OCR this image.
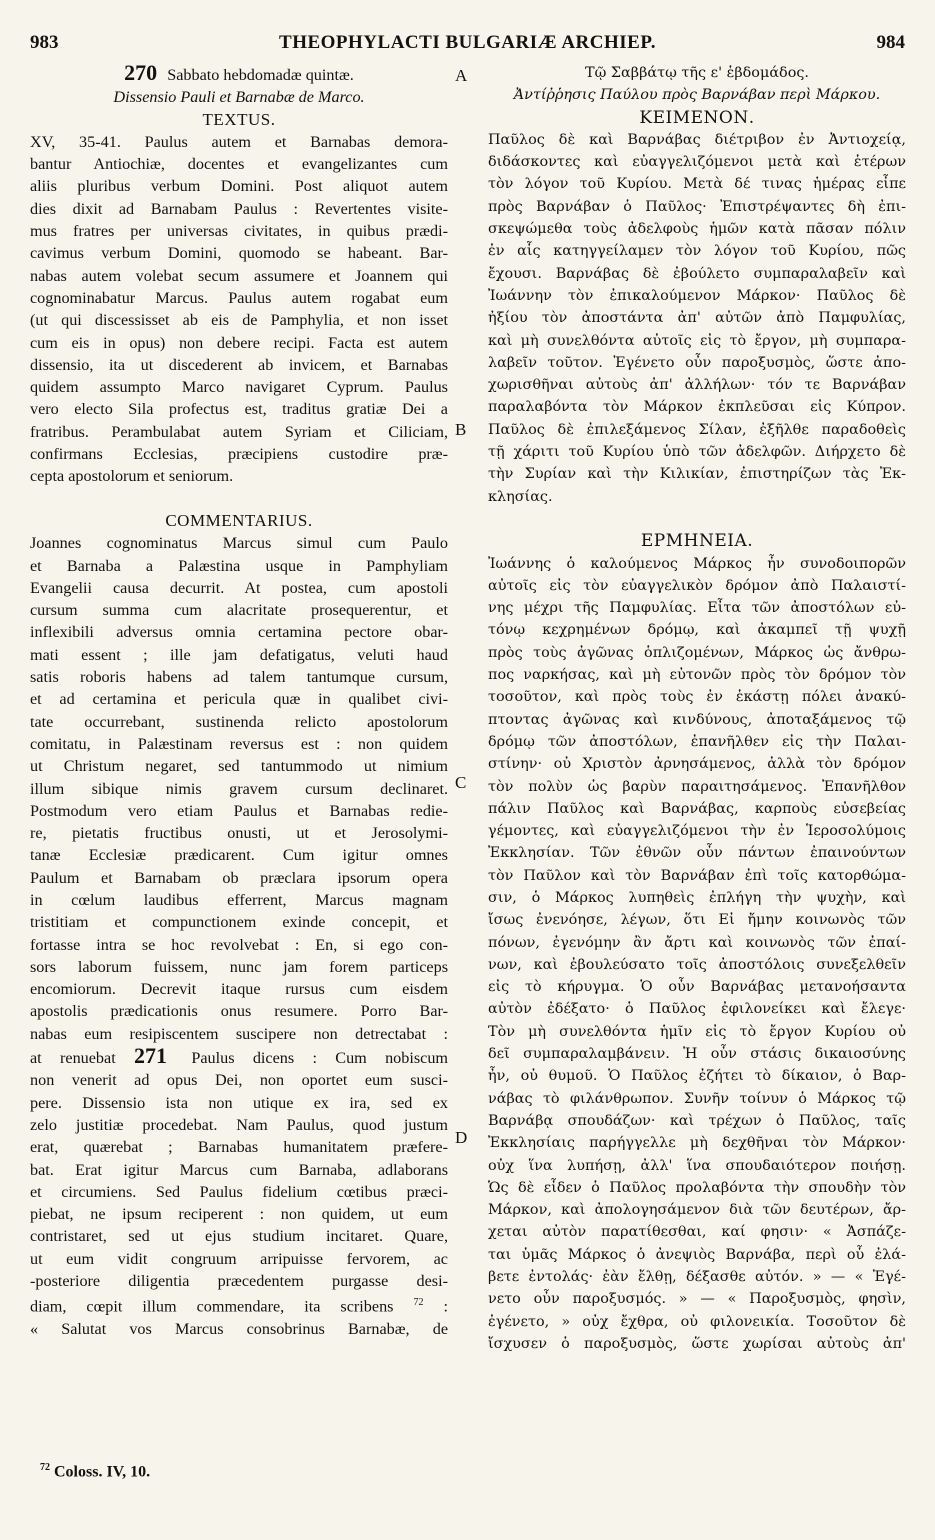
983	THEOPHYLACTI BULGARIÆ ARCHIEP.	984
A
B
C
D
270 Sabbato hebdomadæ quintæ.
Dissensio Pauli et Barnabæ de Marco.
TEXTUS.
XV, 35-41. Paulus autem et Barnabas demora-
bantur Antiochiæ, docentes et evangelizantes cum
aliis pluribus verbum Domini. Post aliquot autem
dies dixit ad Barnabam Paulus : Revertentes visite-
mus fratres per universas civitates, in quibus prædi-
cavimus verbum Domini, quomodo se habeant. Bar-
nabas autem volebat secum assumere et Joannem qui
cognominabatur Marcus. Paulus autem rogabat eum
(ut qui discessisset ab eis de Pamphylia, et non isset
cum eis in opus) non debere recipi. Facta est autem
dissensio, ita ut discederent ab invicem, et Barnabas
quidem assumpto Marco navigaret Cyprum. Paulus
vero electo Sila profectus est, traditus gratiæ Dei a
fratribus. Perambulabat autem Syriam et Ciliciam,
confirmans Ecclesias, præcipiens custodire præ-
cepta apostolorum et seniorum.
COMMENTARIUS.
Joannes cognominatus Marcus simul cum Paulo
et Barnaba a Palæstina usque in Pamphyliam
Evangelii causa decurrit. At postea, cum apostoli
cursum summa cum alacritate prosequerentur, et
inflexibili adversus omnia certamina pectore obar-
mati essent ; ille jam defatigatus, veluti haud
satis roboris habens ad talem tantumque cursum,
et ad certamina et pericula quæ in qualibet civi-
tate occurrebant, sustinenda relicto apostolorum
comitatu, in Palæstinam reversus est : non quidem
ut Christum negaret, sed tantummodo ut nimium
illum sibique nimis gravem cursum declinaret.
Postmodum vero etiam Paulus et Barnabas redie-
re, pietatis fructibus onusti, ut et Jerosolymi-
tanæ Ecclesiæ prædicarent. Cum igitur omnes
Paulum et Barnabam ob præclara ipsorum opera
in cœlum laudibus efferrent, Marcus magnam
tristitiam et compunctionem exinde concepit, et
fortasse intra se hoc revolvebat : En, si ego con-
sors laborum fuissem, nunc jam forem particeps
encomiorum. Decrevit itaque rursus cum eisdem
apostolis prædicationis onus resumere. Porro Bar-
nabas eum resipiscentem suscipere non detrectabat :
at renuebat 271 Paulus dicens : Cum nobiscum
non venerit ad opus Dei, non oportet eum susci-
pere. Dissensio ista non utique ex ira, sed ex
zelo justitiæ procedebat. Nam Paulus, quod justum
erat, quærebat ; Barnabas humanitatem præfere-
bat. Erat igitur Marcus cum Barnaba, adlaborans
et circumiens. Sed Paulus fidelium cœtibus præci-
piebat, ne ipsum reciperent : non quidem, ut eum
contristaret, sed ut ejus studium incitaret. Quare,
ut eum vidit congruum arripuisse fervorem, ac
-posteriore diligentia præcedentem purgasse desi-
diam, cœpit illum commendare, ita scribens $^{72}$ :
« Salutat vos Marcus consobrinus Barnabæ, de
Τῷ Σαββάτῳ τῆς ε' ἑβδομάδος.
Ἀντίῤῥησις Παύλου πρὸς Βαρνάβαν περὶ Μάρκου.
ΚΕΙΜΕΝΟΝ.
Παῦλος δὲ καὶ Βαρνάβας διέτριβον ἐν Ἀντιοχείᾳ,
διδάσκοντες καὶ εὐαγγελιζόμενοι μετὰ καὶ ἑτέρων
τὸν λόγον τοῦ Κυρίου. Μετὰ δέ τινας ἡμέρας εἶπε
πρὸς Βαρνάβαν ὁ Παῦλος· Ἐπιστρέψαντες δὴ ἐπι-
σκεψώμεθα τοὺς ἀδελφοὺς ἡμῶν κατὰ πᾶσαν πόλιν
ἐν αἷς κατηγγείλαμεν τὸν λόγον τοῦ Κυρίου, πῶς
ἔχουσι. Βαρνάβας δὲ ἐβούλετο συμπαραλαβεῖν καὶ
Ἰωάννην τὸν ἐπικαλούμενον Μάρκον· Παῦλος δὲ
ἠξίου τὸν ἀποστάντα ἀπ' αὐτῶν ἀπὸ Παμφυλίας,
καὶ μὴ συνελθόντα αὐτοῖς εἰς τὸ ἔργον, μὴ συμπαρα-
λαβεῖν τοῦτον. Ἐγένετο οὖν παροξυσμὸς, ὥστε ἀπο-
χωρισθῆναι αὐτοὺς ἀπ' ἀλλήλων· τόν τε Βαρνάβαν
παραλαβόντα τὸν Μάρκον ἐκπλεῦσαι εἰς Κύπρον.
Παῦλος δὲ ἐπιλεξάμενος Σίλαν, ἐξῆλθε παραδοθεὶς
τῇ χάριτι τοῦ Κυρίου ὑπὸ τῶν ἀδελφῶν. Διήρχετο δὲ
τὴν Συρίαν καὶ τὴν Κιλικίαν, ἐπιστηρίζων τὰς Ἐκ-
κλησίας.
ΕΡΜΗΝΕΙΑ.
Ἰωάννης ὁ καλούμενος Μάρκος ἦν συνοδοιπορῶν
αὐτοῖς εἰς τὸν εὐαγγελικὸν δρόμον ἀπὸ Παλαιστί-
νης μέχρι τῆς Παμφυλίας. Εἶτα τῶν ἀποστόλων εὐ-
τόνῳ κεχρημένων δρόμῳ, καὶ ἀκαμπεῖ τῇ ψυχῇ
πρὸς τοὺς ἀγῶνας ὁπλιζομένων, Μάρκος ὡς ἄνθρω-
πος ναρκήσας, καὶ μὴ εὐτονῶν πρὸς τὸν δρόμον τὸν
τοσοῦτον, καὶ πρὸς τοὺς ἐν ἑκάστῃ πόλει ἀνακύ-
πτοντας ἀγῶνας καὶ κινδύνους, ἀποταξάμενος τῷ
δρόμῳ τῶν ἀποστόλων, ἐπανῆλθεν εἰς τὴν Παλαι-
στίνην· οὐ Χριστὸν ἀρνησάμενος, ἀλλὰ τὸν δρόμον
τὸν πολὺν ὡς βαρὺν παραιτησάμενος. Ἐπανῆλθον
πάλιν Παῦλος καὶ Βαρνάβας, καρποὺς εὐσεβείας
γέμοντες, καὶ εὐαγγελιζόμενοι τὴν ἐν Ἱεροσολύμοις
Ἐκκλησίαν. Τῶν ἐθνῶν οὖν πάντων ἐπαινούντων
τὸν Παῦλον καὶ τὸν Βαρνάβαν ἐπὶ τοῖς κατορθώμα-
σιν, ὁ Μάρκος λυπηθεὶς ἐπλήγη τὴν ψυχὴν, καὶ
ἴσως ἐνενόησε, λέγων, ὅτι Εἰ ἤμην κοινωνὸς τῶν
πόνων, ἐγενόμην ἂν ἄρτι καὶ κοινωνὸς τῶν ἐπαί-
νων, καὶ ἐβουλεύσατο τοῖς ἀποστόλοις συνεξελθεῖν
εἰς τὸ κήρυγμα. Ὁ οὖν Βαρνάβας μετανοήσαντα
αὐτὸν ἐδέξατο· ὁ Παῦλος ἐφιλονείκει καὶ ἔλεγε·
Τὸν μὴ συνελθόντα ἡμῖν εἰς τὸ ἔργον Κυρίου οὐ
δεῖ συμπαραλαμβάνειν. Ἡ οὖν στάσις δικαιοσύνης
ἦν, οὐ θυμοῦ. Ὁ Παῦλος ἐζήτει τὸ δίκαιον, ὁ Βαρ-
νάβας τὸ φιλάνθρωπον. Συνῆν τοίνυν ὁ Μάρκος τῷ
Βαρνάβᾳ σπουδάζων· καὶ τρέχων ὁ Παῦλος, ταῖς
Ἐκκλησίαις παρήγγελλε μὴ δεχθῆναι τὸν Μάρκον·
οὐχ ἵνα λυπήσῃ, ἀλλ' ἵνα σπουδαιότερον ποιήσῃ.
Ὡς δὲ εἶδεν ὁ Παῦλος προλαβόντα τὴν σπουδὴν τὸν
Μάρκον, καὶ ἀπολογησάμενον διὰ τῶν δευτέρων, ἄρ-
χεται αὐτὸν παρατίθεσθαι, καί φησιν· « Ἀσπάζε-
ται ὑμᾶς Μάρκος ὁ ἀνεψιὸς Βαρνάβα, περὶ οὗ ἐλά-
βετε ἐντολάς· ἐὰν ἔλθῃ, δέξασθε αὐτόν. » — « Ἐγέ-
νετο οὖν παροξυσμός. » — « Παροξυσμὸς, φησὶν,
ἐγένετο, » οὐχ ἔχθρα, οὐ φιλονεικία. Τοσοῦτον δὲ
ἴσχυσεν ὁ παροξυσμὸς, ὥστε χωρίσαι αὐτοὺς ἀπ'
$^{72}$ Coloss. IV, 10.
